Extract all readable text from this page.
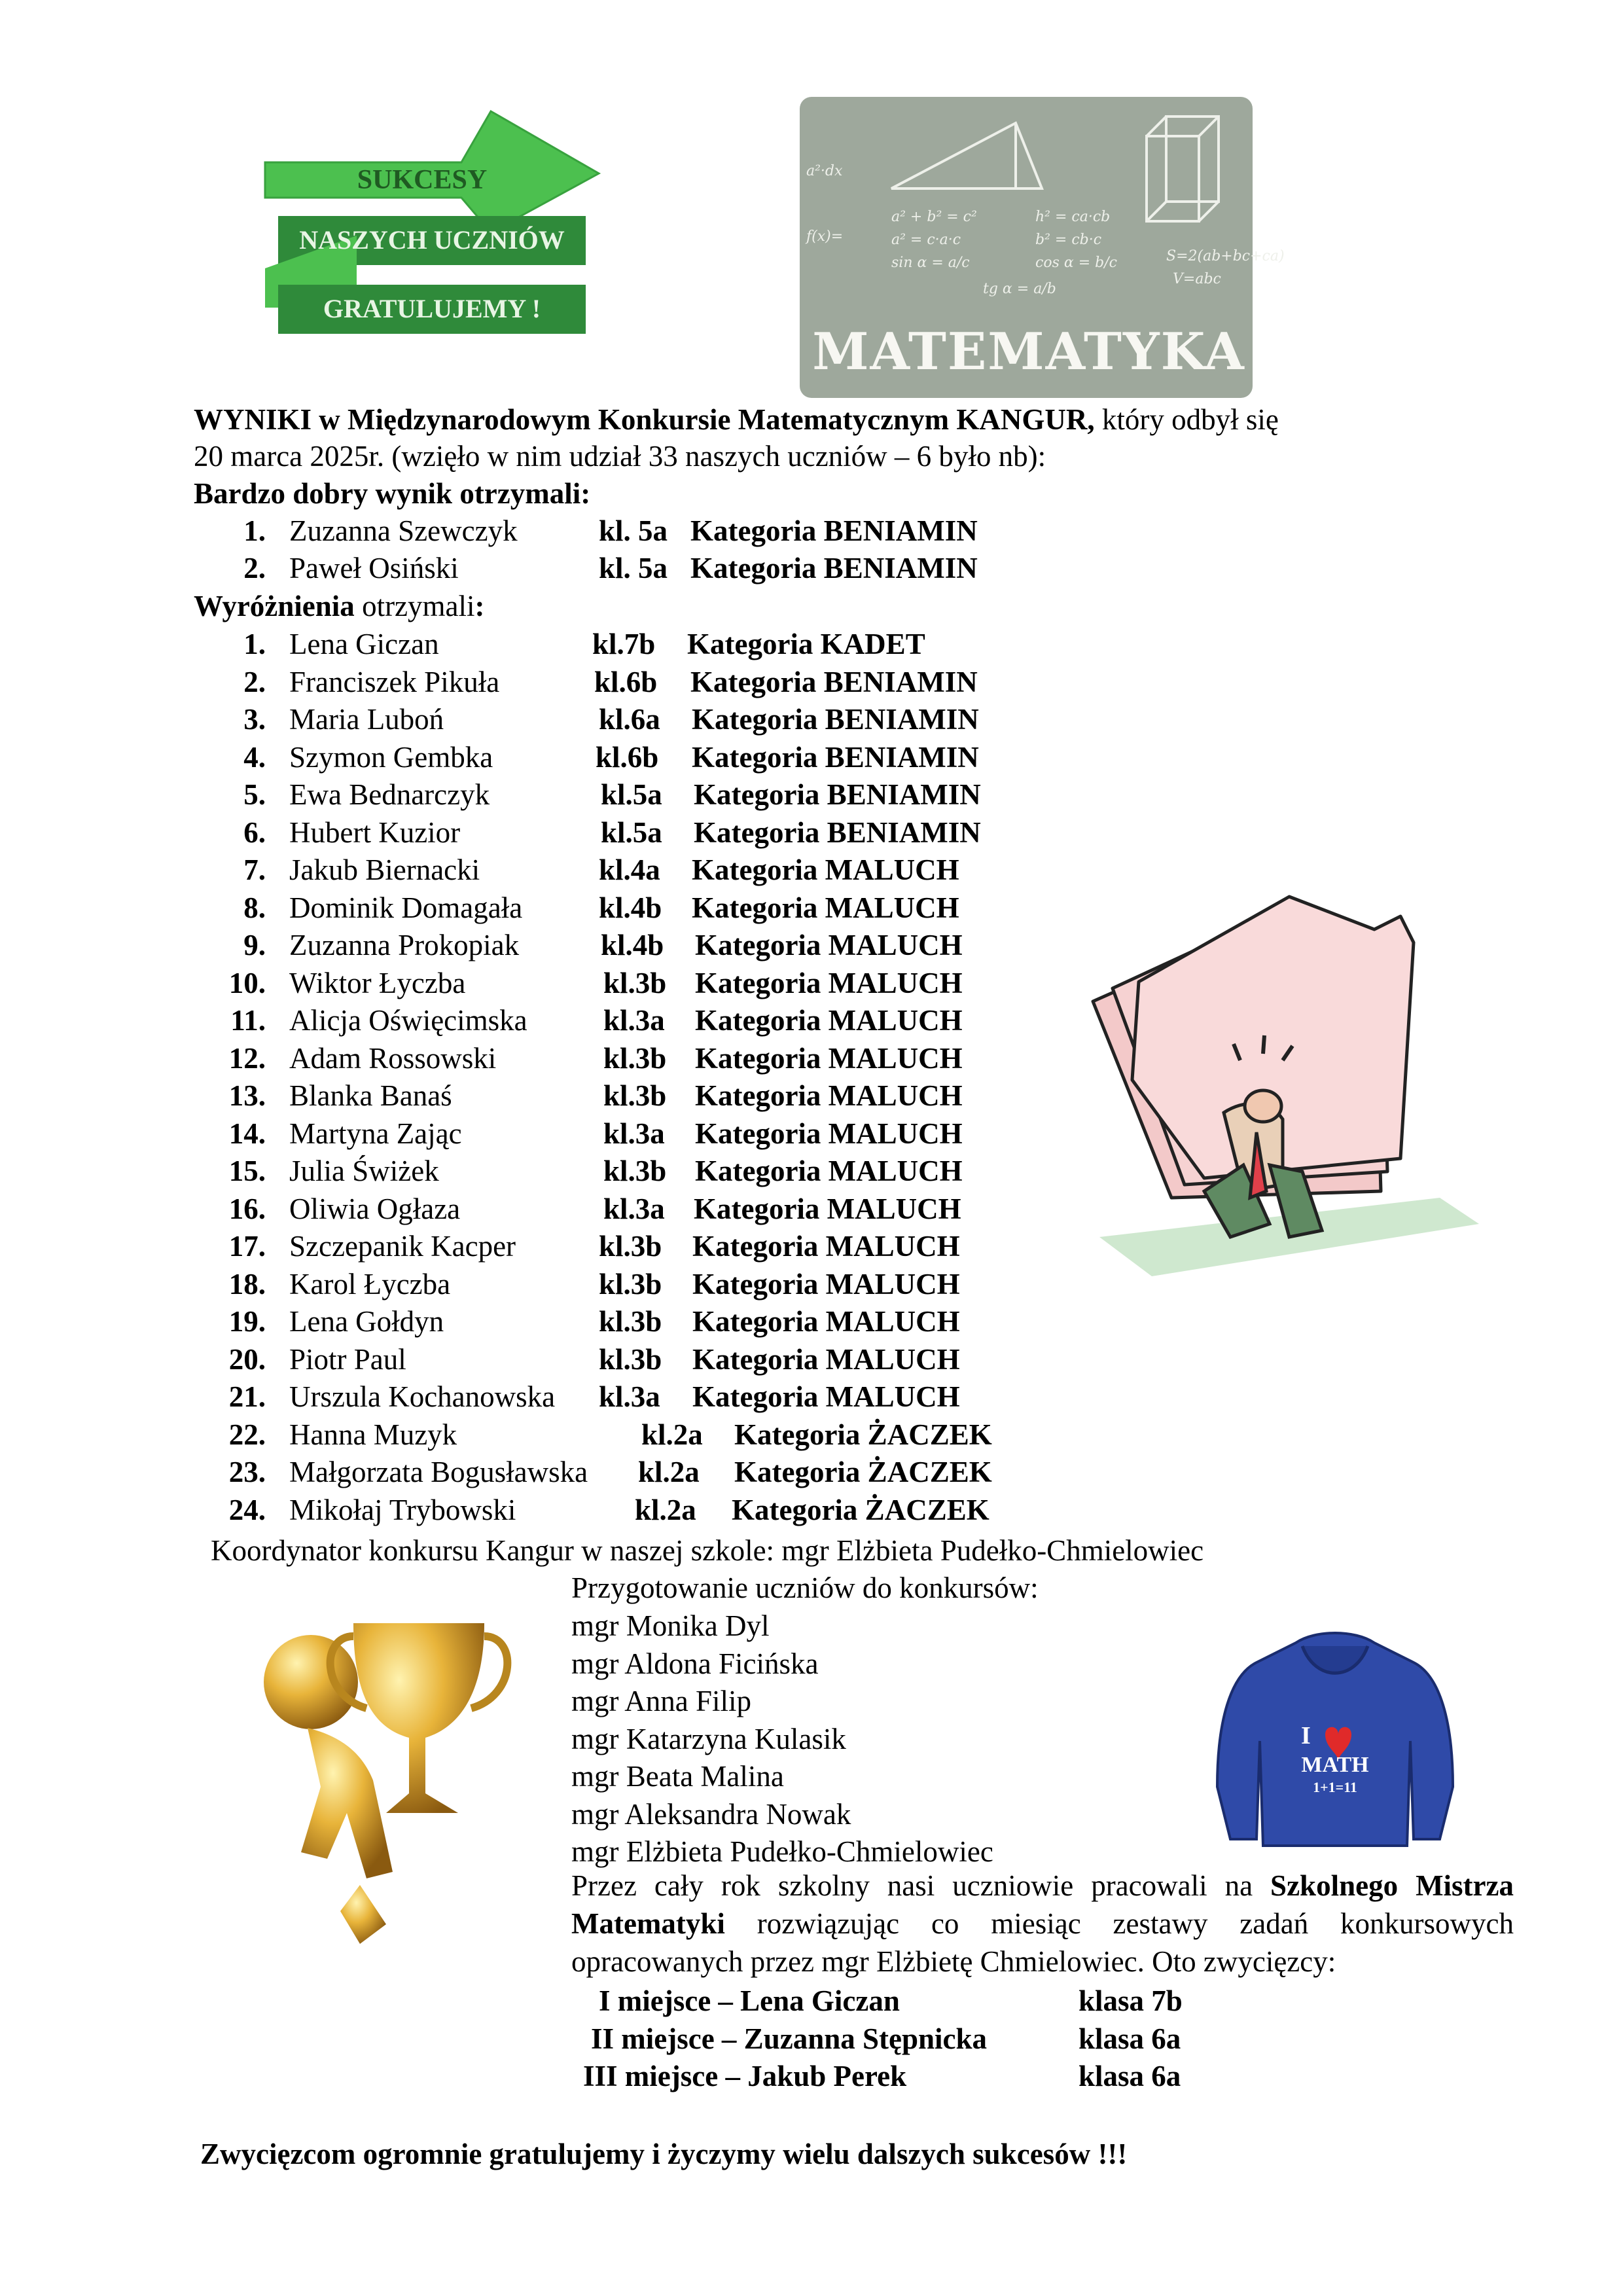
SUKCESY
NASZYCH UCZNIÓW
GRATULUJEMY !
a² + b² = c²
a² = c·a·c
sin α = a/c
h² = ca·cb
b² = cb·c
cos α = b/c
tg α = a/b
S=2(ab+bc+ca)
V=abc
a²·dx
f(x)=
MATEMATYKA
WYNIKI w Międzynarodowym Konkursie Matematycznym KANGUR, który odbył się
20 marca 2025r. (wzięło w nim udział 33 naszych uczniów – 6 było nb):
Bardzo dobry wynik otrzymali:
1. Zuzanna Szewczyk	kl. 5a Kategoria BENIAMIN
2. Paweł Osiński	kl. 5a Kategoria BENIAMIN
Wyróżnienia otrzymali:
1. Lena Giczan	kl.7b Kategoria KADET
2. Franciszek Pikuła	kl.6b Kategoria BENIAMIN
3. Maria Luboń	kl.6a Kategoria BENIAMIN
4. Szymon Gembka	kl.6b Kategoria BENIAMIN
5. Ewa Bednarczyk	kl.5a Kategoria BENIAMIN
6. Hubert Kuzior	kl.5a Kategoria BENIAMIN
7. Jakub Biernacki	kl.4a Kategoria MALUCH
8. Dominik Domagała	kl.4b Kategoria MALUCH
9. Zuzanna Prokopiak	kl.4b Kategoria MALUCH
10. Wiktor Łyczba	kl.3b Kategoria MALUCH
11. Alicja Oświęcimska	kl.3a Kategoria MALUCH
12. Adam Rossowski	kl.3b Kategoria MALUCH
13. Blanka Banaś	kl.3b Kategoria MALUCH
14. Martyna Zając	kl.3a Kategoria MALUCH
15. Julia Świżek	kl.3b Kategoria MALUCH
16. Oliwia Ogłaza	kl.3a Kategoria MALUCH
17. Szczepanik Kacper	kl.3b Kategoria MALUCH
18. Karol Łyczba	kl.3b Kategoria MALUCH
19. Lena Gołdyn	kl.3b Kategoria MALUCH
20. Piotr Paul	kl.3b Kategoria MALUCH
21. Urszula Kochanowska kl.3a Kategoria MALUCH
22. Hanna Muzyk	kl.2a Kategoria ŻACZEK
23. Małgorzata Bogusławska kl.2a Kategoria ŻACZEK
24. Mikołaj Trybowski	kl.2a Kategoria ŻACZEK
Koordynator konkursu Kangur w naszej szkole: mgr Elżbieta Pudełko-Chmielowiec
Przygotowanie uczniów do konkursów:
mgr Monika Dyl
mgr Aldona Ficińska
mgr Anna Filip
mgr Katarzyna Kulasik
mgr Beata Malina
mgr Aleksandra Nowak
mgr Elżbieta Pudełko-Chmielowiec
I
MATH
1+1=11
Przez cały rok szkolny nasi uczniowie pracowali na Szkolnego Mistrza Matematyki rozwiązując co miesiąc zestawy zadań konkursowych opracowanych przez mgr Elżbietę Chmielowiec. Oto zwycięzcy:
I miejsce – Lena Giczan	klasa 7b
II miejsce – Zuzanna Stępnicka	klasa 6a
III miejsce – Jakub Perek	klasa 6a
Zwycięzcom ogromnie gratulujemy i życzymy wielu dalszych sukcesów !!!
